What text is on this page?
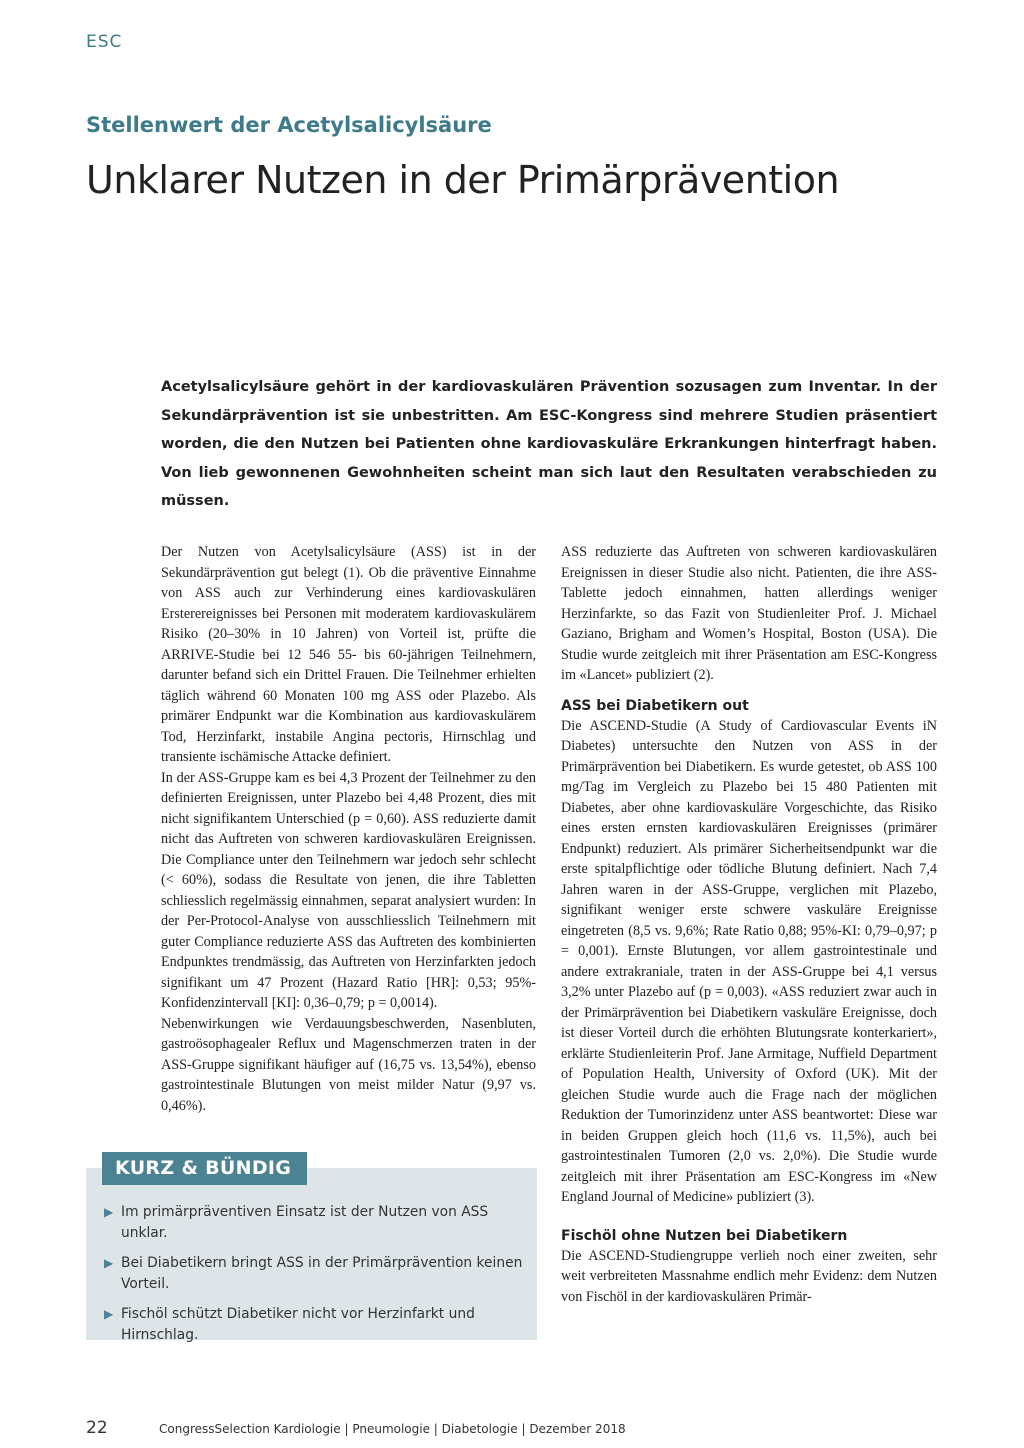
ESC
Stellenwert der Acetylsalicylsäure
Unklarer Nutzen in der Primärprävention

Acetylsalicylsäure gehört in der kardiovaskulären Prävention sozusagen zum Inventar. In der Sekundärprävention ist sie unbestritten. Am ESC-Kongress sind mehrere Studien präsentiert worden, die den Nutzen bei Patienten ohne kardiovaskuläre Erkrankungen hinterfragt haben. Von lieb gewonnenen Gewohnheiten scheint man sich laut den Resultaten verabschieden zu müssen.

Der Nutzen von Acetylsalicylsäure (ASS) ist in der Sekundärprävention gut belegt (1). Ob die präventive Einnahme von ASS auch zur Verhinderung eines kardiovaskulären Ersterereignisses bei Personen mit moderatem kardiovaskulärem Risiko (20–30% in 10 Jahren) von Vorteil ist, prüfte die ARRIVE-Studie bei 12 546 55- bis 60-jährigen Teilnehmern, darunter befand sich ein Drittel Frauen. Die Teilnehmer erhielten täglich während 60 Monaten 100 mg ASS oder Plazebo. Als primärer Endpunkt war die Kombination aus kardiovaskulärem Tod, Herzinfarkt, instabile Angina pectoris, Hirnschlag und transiente ischämische Attacke definiert.

In der ASS-Gruppe kam es bei 4,3 Prozent der Teilnehmer zu den definierten Ereignissen, unter Plazebo bei 4,48 Prozent, dies mit nicht signifikantem Unterschied (p = 0,60). ASS reduzierte damit nicht das Auftreten von schweren kardiovaskulären Ereignissen. Die Compliance unter den Teilnehmern war jedoch sehr schlecht (< 60%), sodass die Resultate von jenen, die ihre Tabletten schliesslich regelmässig einnahmen, separat analysiert wurden: In der Per-Protocol-Analyse von ausschliesslich Teilnehmern mit guter Compliance reduzierte ASS das Auftreten des kombinierten Endpunktes trendmässig, das Auftreten von Herzinfarkten jedoch signifikant um 47 Prozent (Hazard Ratio [HR]: 0,53; 95%-Konfidenzintervall [KI]: 0,36–0,79; p = 0,0014).

Nebenwirkungen wie Verdauungsbeschwerden, Nasenbluten, gastroösophagealer Reflux und Magenschmerzen traten in der ASS-Gruppe signifikant häufiger auf (16,75 vs. 13,54%), ebenso gastrointestinale Blutungen von meist milder Natur (9,97 vs. 0,46%).

KURZ & BÜNDIG
▶ Im primärpräventiven Einsatz ist der Nutzen von ASS unklar.
▶ Bei Diabetikern bringt ASS in der Primärprävention keinen Vorteil.
▶ Fischöl schützt Diabetiker nicht vor Herzinfarkt und Hirnschlag.

ASS reduzierte das Auftreten von schweren kardiovaskulären Ereignissen in dieser Studie also nicht. Patienten, die ihre ASS-Tablette jedoch einnahmen, hatten allerdings weniger Herzinfarkte, so das Fazit von Studienleiter Prof. J. Michael Gaziano, Brigham and Women’s Hospital, Boston (USA). Die Studie wurde zeitgleich mit ihrer Präsentation am ESC-Kongress im «Lancet» publiziert (2).

ASS bei Diabetikern out

Die ASCEND-Studie (A Study of Cardiovascular Events iN Diabetes) untersuchte den Nutzen von ASS in der Primärprävention bei Diabetikern. Es wurde getestet, ob ASS 100 mg/Tag im Vergleich zu Plazebo bei 15 480 Patienten mit Diabetes, aber ohne kardiovaskuläre Vorgeschichte, das Risiko eines ersten ernsten kardiovaskulären Ereignisses (primärer Endpunkt) reduziert. Als primärer Sicherheitsendpunkt war die erste spitalpflichtige oder tödliche Blutung definiert. Nach 7,4 Jahren waren in der ASS-Gruppe, verglichen mit Plazebo, signifikant weniger erste schwere vaskuläre Ereignisse eingetreten (8,5 vs. 9,6%; Rate Ratio 0,88; 95%-KI: 0,79–0,97; p = 0,001). Ernste Blutungen, vor allem gastrointestinale und andere extrakraniale, traten in der ASS-Gruppe bei 4,1 versus 3,2% unter Plazebo auf (p = 0,003). «ASS reduziert zwar auch in der Primärprävention bei Diabetikern vaskuläre Ereignisse, doch ist dieser Vorteil durch die erhöhten Blutungsrate konterkariert», erklärte Studienleiterin Prof. Jane Armitage, Nuffield Department of Population Health, University of Oxford (UK). Mit der gleichen Studie wurde auch die Frage nach der möglichen Reduktion der Tumorinzidenz unter ASS beantwortet: Diese war in beiden Gruppen gleich hoch (11,6 vs. 11,5%), auch bei gastrointestinalen Tumoren (2,0 vs. 2,0%). Die Studie wurde zeitgleich mit ihrer Präsentation am ESC-Kongress im «New England Journal of Medicine» publiziert (3).

Fischöl ohne Nutzen bei Diabetikern

Die ASCEND-Studiengruppe verlieh noch einer zweiten, sehr weit verbreiteten Massnahme endlich mehr Evidenz: dem Nutzen von Fischöl in der kardiovaskulären Primär-

22	CongressSelection Kardiologie | Pneumologie | Diabetologie | Dezember 2018
